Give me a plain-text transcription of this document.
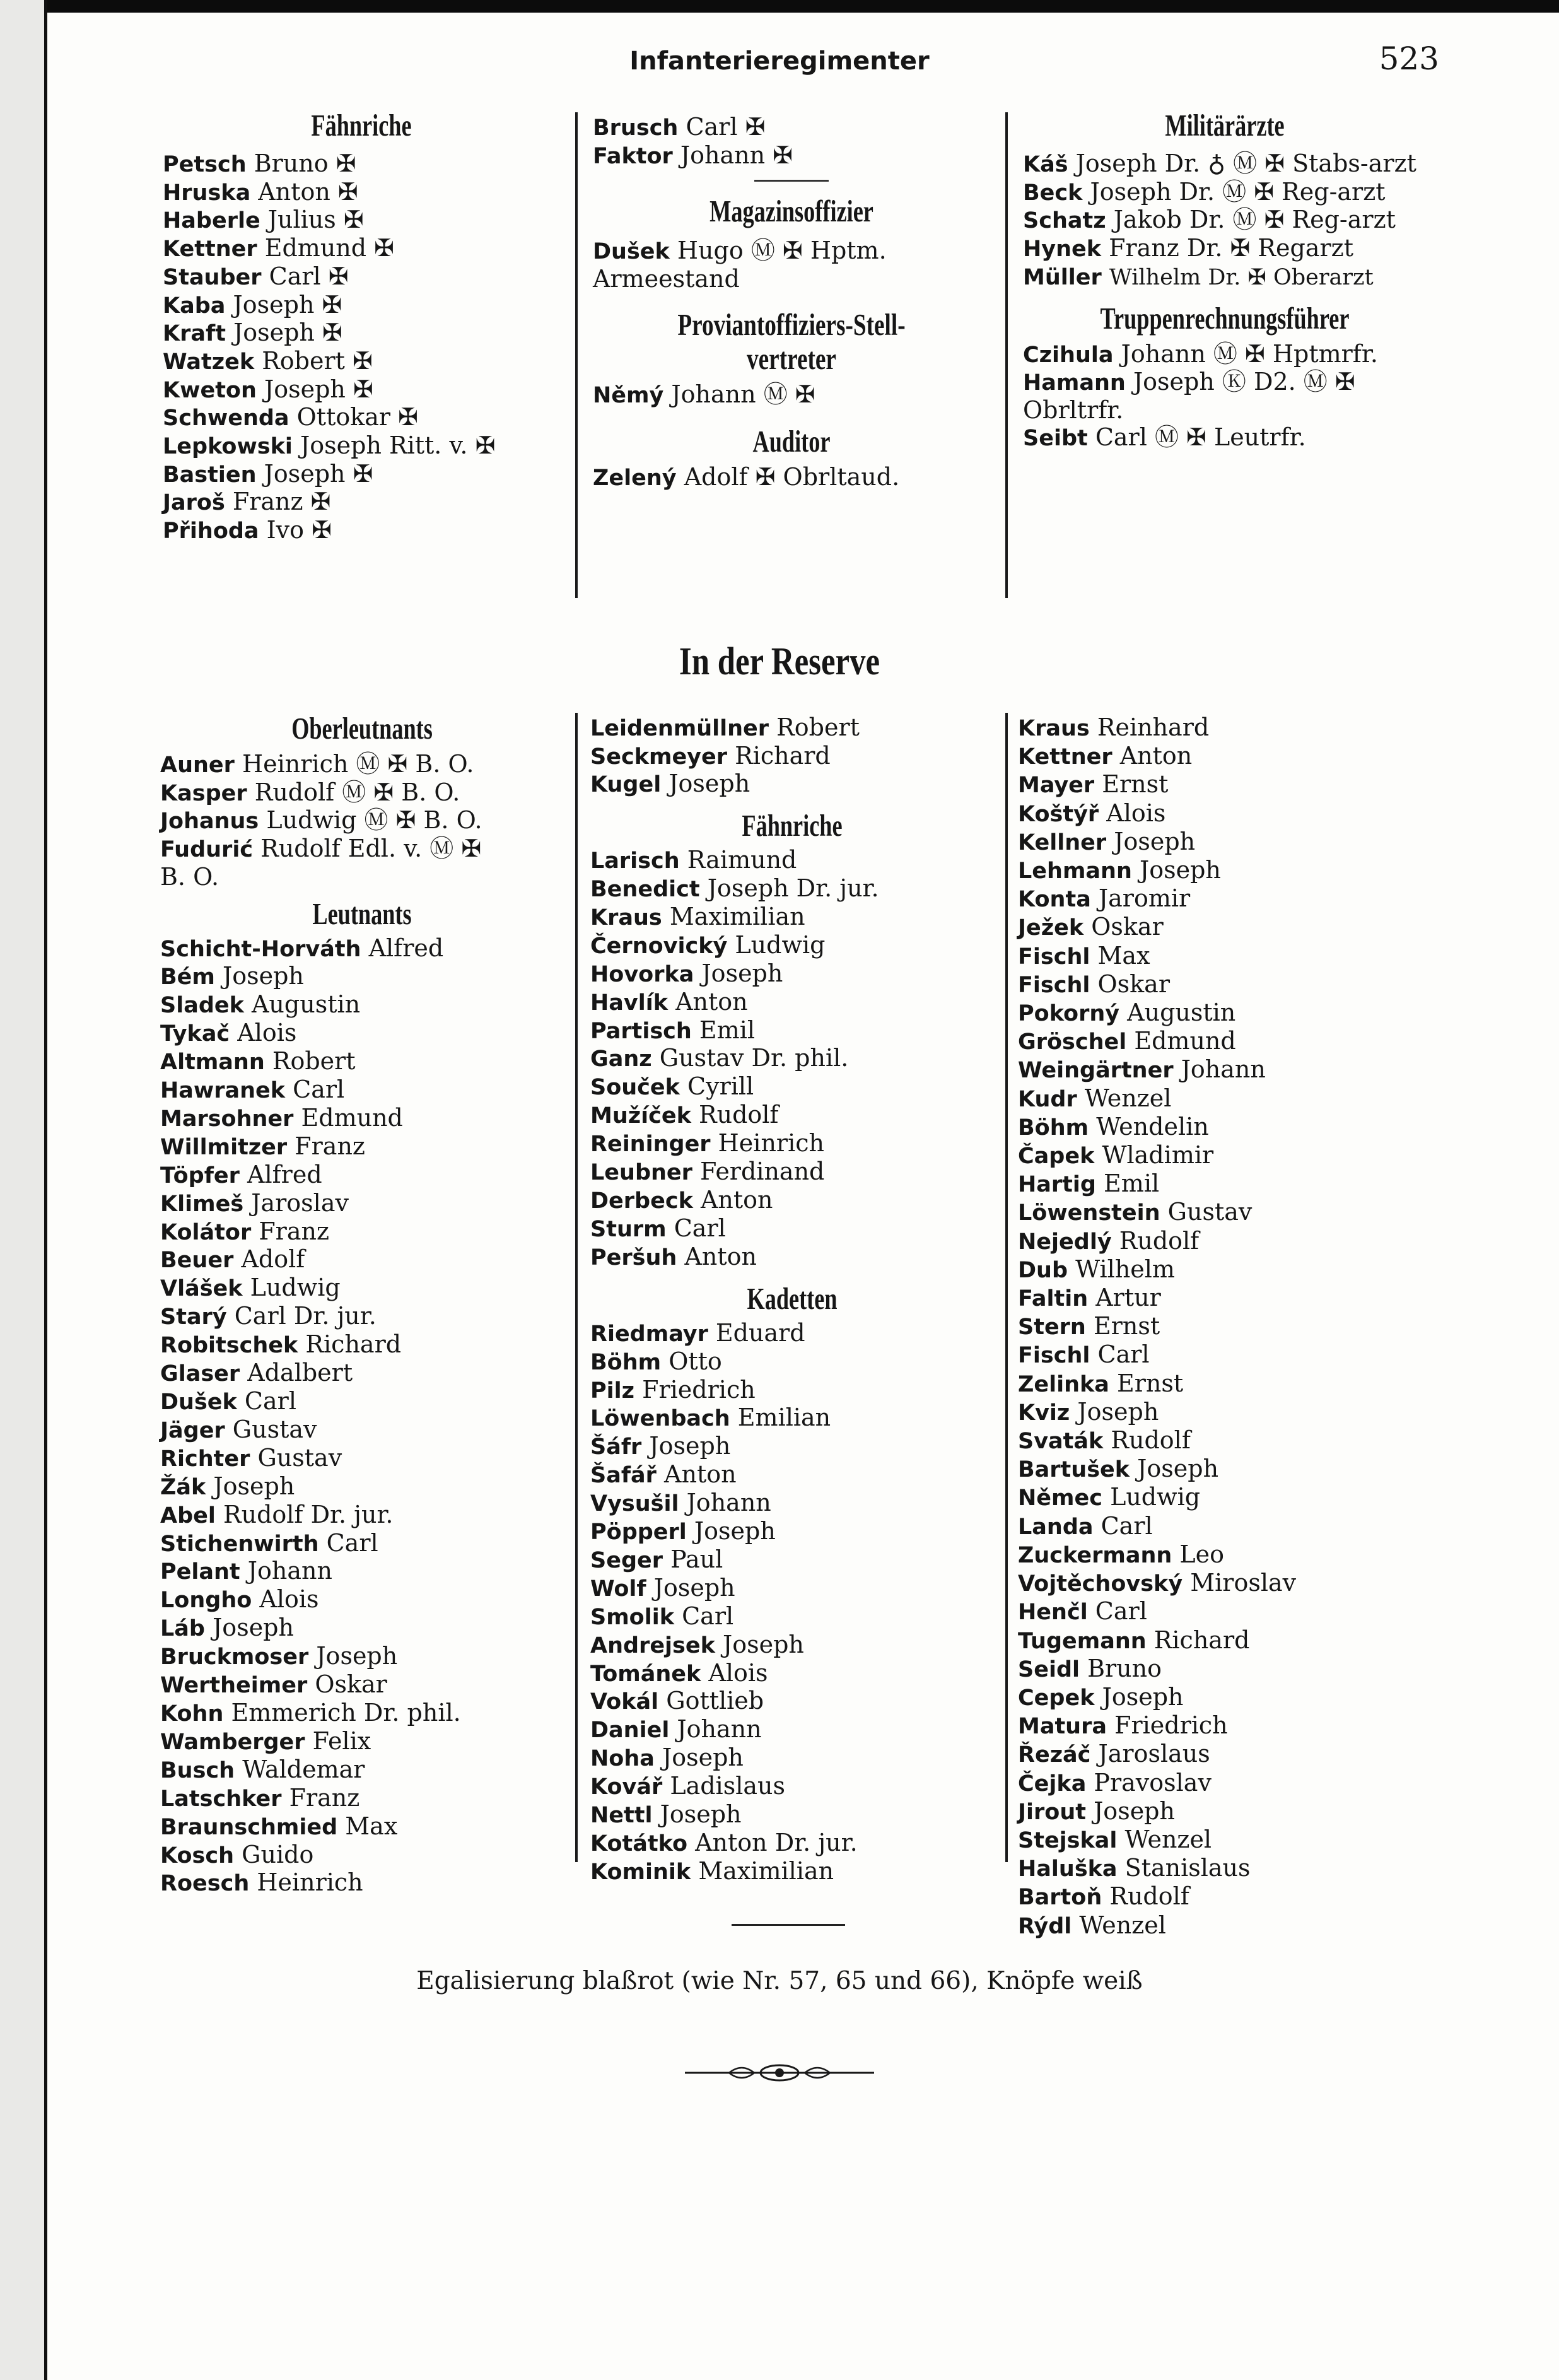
Infanterieregimenter	523
Fähnriche
Petsch Bruno ✠
Hruska Anton ✠
Haberle Julius ✠
Kettner Edmund ✠
Stauber Carl ✠
Kaba Joseph ✠
Kraft Joseph ✠
Watzek Robert ✠
Kweton Joseph ✠
Schwenda Ottokar ✠
Lepkowski Joseph Ritt. v. ✠
Bastien Joseph ✠
Jaroš Franz ✠
Přihoda Ivo ✠
Brusch Carl ✠
Faktor Johann ✠
Magazinsoffizier
Dušek Hugo Ⓜ ✠ Hptm. Armeestand
Proviantoffiziers-Stell-vertreter
Němý Johann Ⓜ ✠
Auditor
Zelený Adolf ✠ Obrltaud.
Militärärzte
Káš Joseph Dr. ♁ Ⓜ ✠ Stabs-arzt
Beck Joseph Dr. Ⓜ ✠ Reg-arzt
Schatz Jakob Dr. Ⓜ ✠ Reg-arzt
Hynek Franz Dr. ✠ Regarzt
Müller Wilhelm Dr. ✠ Oberarzt
Truppenrechnungsführer
Czihula Johann Ⓜ ✠ Hptmrfr.
Hamann Joseph Ⓚ D2. Ⓜ ✠ Obrltrfr.
Seibt Carl Ⓜ ✠ Leutrfr.
In der Reserve
Oberleutnants
Auner Heinrich Ⓜ ✠ B. O.
Kasper Rudolf Ⓜ ✠ B. O.
Johanus Ludwig Ⓜ ✠ B. O.
Fudurić Rudolf Edl. v. Ⓜ ✠ B. O.
Leutnants
Schicht-Horváth Alfred
Bém Joseph
Sladek Augustin
Tykač Alois
Altmann Robert
Hawranek Carl
Marsohner Edmund
Willmitzer Franz
Töpfer Alfred
Klimeš Jaroslav
Kolátor Franz
Beuer Adolf
Vlášek Ludwig
Starý Carl Dr. jur.
Robitschek Richard
Glaser Adalbert
Dušek Carl
Jäger Gustav
Richter Gustav
Žák Joseph
Abel Rudolf Dr. jur.
Stichenwirth Carl
Pelant Johann
Longho Alois
Láb Joseph
Bruckmoser Joseph
Wertheimer Oskar
Kohn Emmerich Dr. phil.
Wamberger Felix
Busch Waldemar
Latschker Franz
Braunschmied Max
Kosch Guido
Roesch Heinrich
Leidenmüllner Robert
Seckmeyer Richard
Kugel Joseph
Fähnriche
Larisch Raimund
Benedict Joseph Dr. jur.
Kraus Maximilian
Černovický Ludwig
Hovorka Joseph
Havlík Anton
Partisch Emil
Ganz Gustav Dr. phil.
Souček Cyrill
Mužíček Rudolf
Reininger Heinrich
Leubner Ferdinand
Derbeck Anton
Sturm Carl
Peršuh Anton
Kadetten
Riedmayr Eduard
Böhm Otto
Pilz Friedrich
Löwenbach Emilian
Šáfr Joseph
Šafář Anton
Vysušil Johann
Pöpperl Joseph
Seger Paul
Wolf Joseph
Smolik Carl
Andrejsek Joseph
Tománek Alois
Vokál Gottlieb
Daniel Johann
Noha Joseph
Kovář Ladislaus
Nettl Joseph
Kotátko Anton Dr. jur.
Kominik Maximilian
Kraus Reinhard
Kettner Anton
Mayer Ernst
Koštýř Alois
Kellner Joseph
Lehmann Joseph
Konta Jaromir
Ježek Oskar
Fischl Max
Fischl Oskar
Pokorný Augustin
Gröschel Edmund
Weingärtner Johann
Kudr Wenzel
Böhm Wendelin
Čapek Wladimir
Hartig Emil
Löwenstein Gustav
Nejedlý Rudolf
Dub Wilhelm
Faltin Artur
Stern Ernst
Fischl Carl
Zelinka Ernst
Kviz Joseph
Svaták Rudolf
Bartušek Joseph
Němec Ludwig
Landa Carl
Zuckermann Leo
Vojtěchovský Miroslav
Henčl Carl
Tugemann Richard
Seidl Bruno
Cepek Joseph
Matura Friedrich
Řezáč Jaroslaus
Čejka Pravoslav
Jirout Joseph
Stejskal Wenzel
Haluška Stanislaus
Bartoň Rudolf
Rýdl Wenzel
Egalisierung blaßrot (wie Nr. 57, 65 und 66), Knöpfe weiß
